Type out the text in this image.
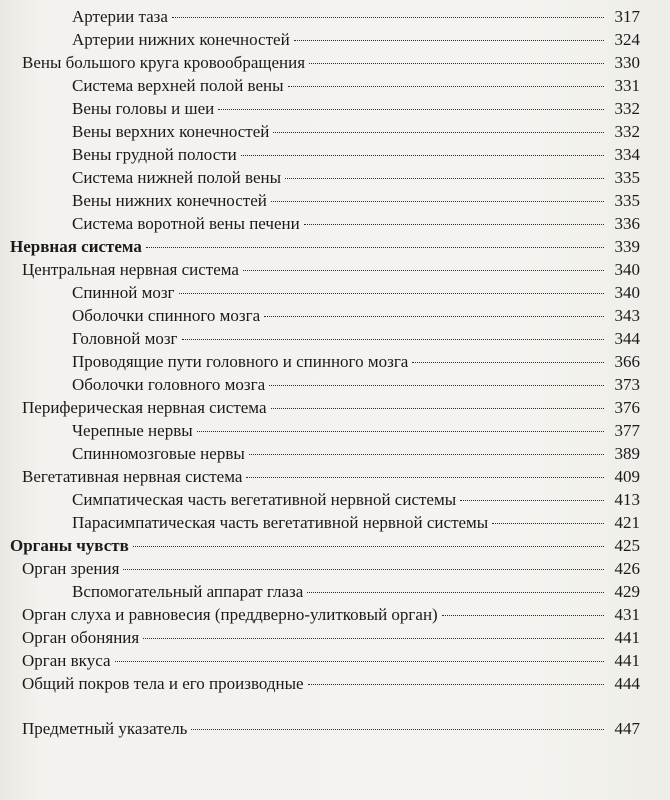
Артерии таза	317
Артерии нижних конечностей	324
Вены большого круга кровообращения	330
Система верхней полой вены	331
Вены головы и шеи	332
Вены верхних конечностей	332
Вены грудной полости	334
Система нижней полой вены	335
Вены нижних конечностей	335
Система воротной вены печени	336
Нервная система	339
Центральная нервная система	340
Спинной мозг	340
Оболочки спинного мозга	343
Головной мозг	344
Проводящие пути головного и спинного мозга	366
Оболочки головного мозга	373
Периферическая нервная система	376
Черепные нервы	377
Спинномозговые нервы	389
Вегетативная нервная система	409
Симпатическая часть вегетативной нервной системы	413
Парасимпатическая часть вегетативной нервной системы	421
Органы чувств	425
Орган зрения	426
Вспомогательный аппарат глаза	429
Орган слуха и равновесия (преддверно-улитковый орган)	431
Орган обоняния	441
Орган вкуса	441
Общий покров тела и его производные	444
Предметный указатель	447
